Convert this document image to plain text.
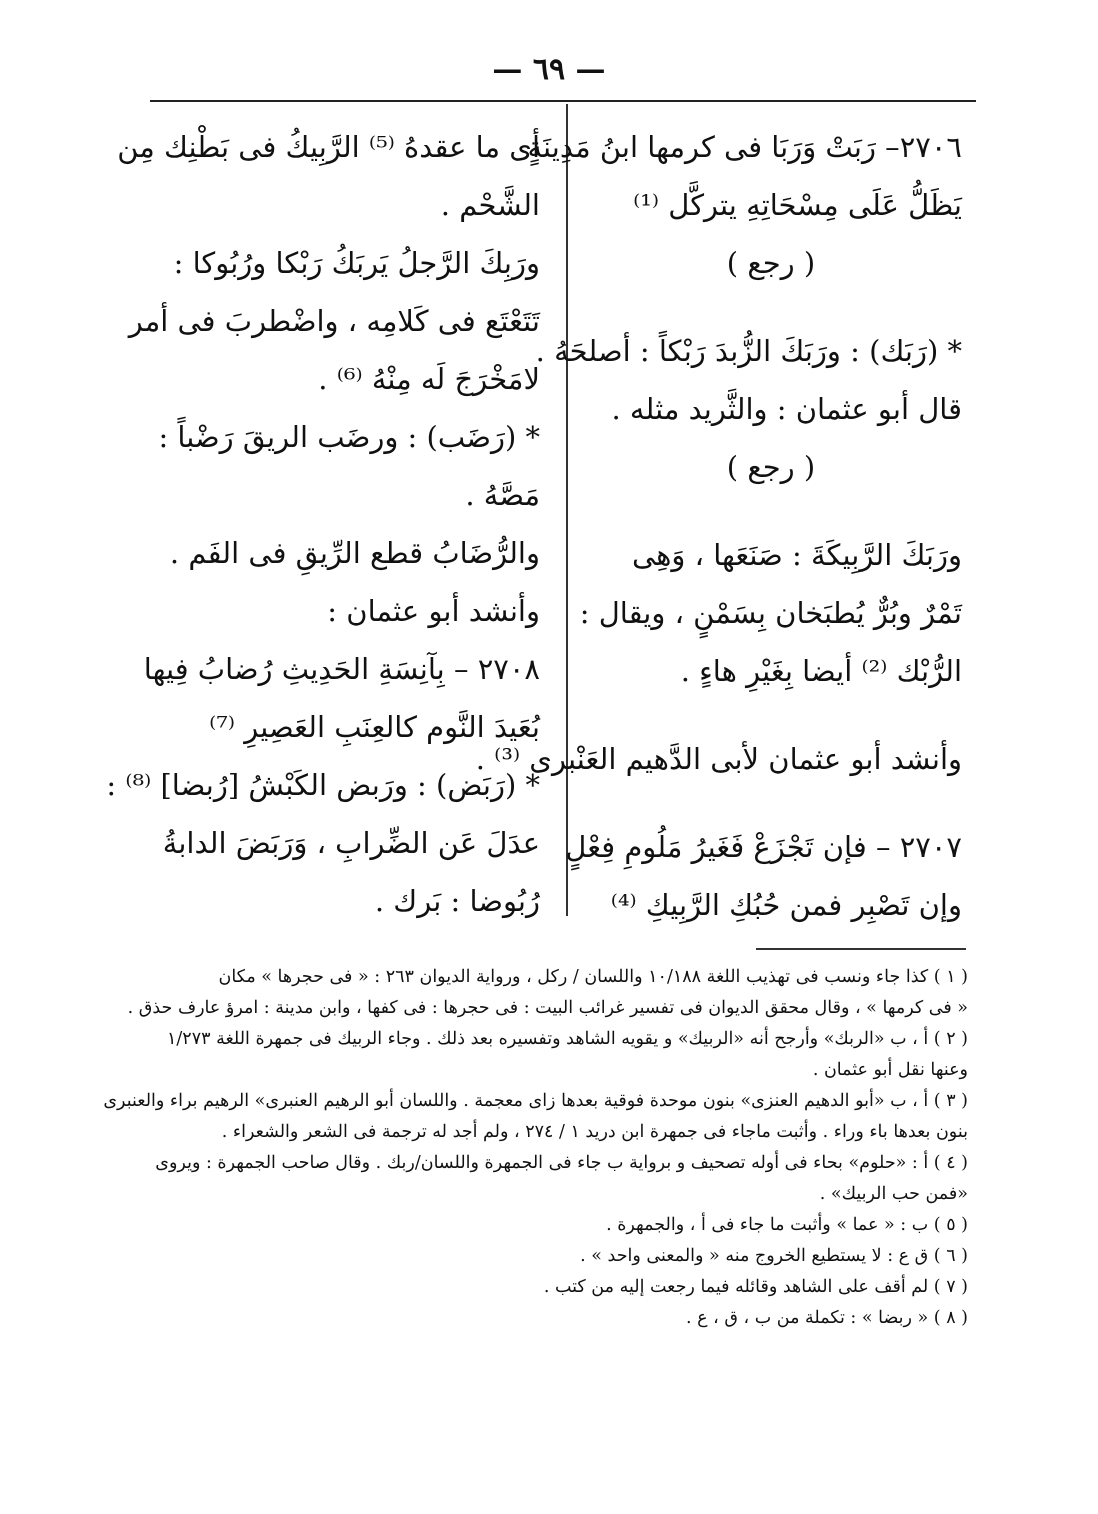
— ٦٩ —
٢٧٠٦– رَبَتْ وَرَبَا فى كرمها ابنُ مَدِينَةٍ
يَظَلُّ عَلَى مِسْحَاتِهِ يتركَّل ⁽¹⁾
( رجع )
* (رَبَك) : ورَبَكَ الزُّبدَ رَبْكاً : أصلحَهُ .
قال أبو عثمان : والثَّريد مثله .
( رجع )
ورَبَكَ الرَّبِيكَةَ : صَنَعَها ، وَهِى
تَمْرٌ وبُرٌّ يُطبَخان بِسَمْنٍ ، ويقال :
الرُّبْك ⁽²⁾ أيضا بِغَيْرِ هاءٍ .
وأنشد أبو عثمان لأبى الدَّهيم العَنْبرى ⁽³⁾ .
٢٧٠٧ – فإن تَجْزَعْ فَغَيرُ مَلُومِ فِعْلٍ
وإن تَصْبِر فمن حُبُكِ الرَّبِيكِ ⁽⁴⁾
أى ما عقدهُ ⁽⁵⁾ الرَّبِيكُ فى بَطْنِك مِن
الشَّحْم .
ورَبِكَ الرَّجلُ يَربَكُ رَبْكا ورُبُوكا :
تَتَعْتَع فى كَلامِه ، واضْطربَ فى أمر
لامَخْرَجَ لَه مِنْهُ ⁽⁶⁾ .
* (رَضَب) : ورضَب الريقَ رَضْباً :
مَصَّهُ .
والرُّضَابُ قطع الرِّيقِ فى الفَم .
وأنشد أبو عثمان :
٢٧٠٨ – بِآنِسَةِ الحَدِيثِ رُضابُ فِيها
بُعَيدَ النَّوم كالعِنَبِ العَصِيرِ ⁽⁷⁾
* (رَبَض) : ورَبض الكَبْشُ [رُبضا] ⁽⁸⁾ :
عدَلَ عَن الضِّرابِ ، وَرَبَضَ الدابةُ
رُبُوضا : بَرك .
( ١ ) كذا جاء ونسب فى تهذيب اللغة ١٠/١٨٨ واللسان / ركل ، ورواية الديوان ٢٦٣ : « فى حجرها » مكان
« فى كرمها » ، وقال محقق الديوان فى تفسير غرائب البيت : فى حجرها : فى كفها ، وابن مدينة : امرؤ عارف حذق .
( ٢ ) أ ، ب «الربك» وأرجح أنه «الربيك» و يقويه الشاهد وتفسيره بعد ذلك . وجاء الربيك فى جمهرة اللغة ١/٢٧٣
وعنها نقل أبو عثمان .
( ٣ ) أ ، ب «أبو الدهيم العنزى» بنون موحدة فوقية بعدها زاى معجمة . واللسان أبو الرهيم العنبرى» الرهيم براء والعنبرى
بنون بعدها باء وراء . وأثبت ماجاء فى جمهرة ابن دريد ١ / ٢٧٤ ، ولم أجد له ترجمة فى الشعر والشعراء .
( ٤ ) أ : «حلوم» بحاء فى أوله تصحيف و برواية ب جاء فى الجمهرة واللسان/ربك . وقال صاحب الجمهرة : ويروى
«فمن حب الربيك» .
( ٥ ) ب : « عما » وأثبت ما جاء فى أ ، والجمهرة .
( ٦ ) ق ع : لا يستطيع الخروج منه « والمعنى واحد » .
( ٧ ) لم أقف على الشاهد وقائله فيما رجعت إليه من كتب .
( ٨ ) « ربضا » : تكملة من ب ، ق ، ع .
